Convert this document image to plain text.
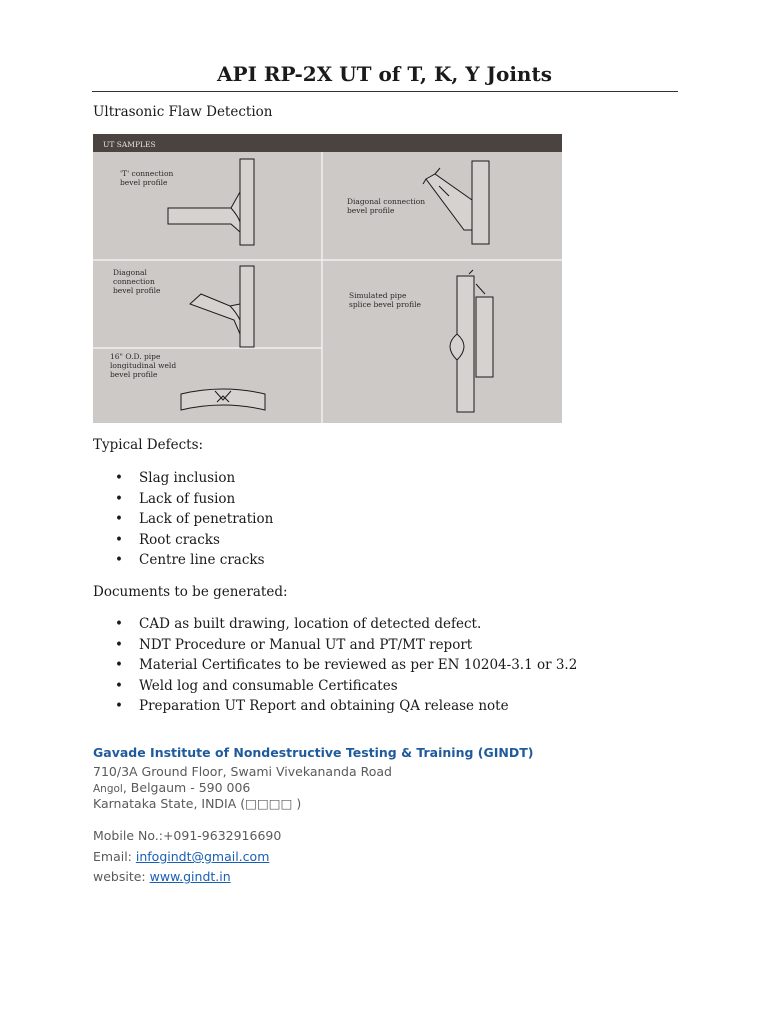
API RP-2X UT of T, K, Y Joints

Ultrasonic Flaw Detection

UT SAMPLES
'T' connection
bevel profile
Diagonal connection
bevel profile
Diagonal
connection
bevel profile
Simulated pipe
splice bevel profile
16" O.D. pipe
longitudinal weld
bevel profile

Typical Defects:

• Slag inclusion
• Lack of fusion
• Lack of penetration
• Root cracks
• Centre line cracks

Documents to be generated:

• CAD as built drawing, location of detected defect.
• NDT Procedure or Manual UT and PT/MT report
• Material Certificates to be reviewed as per EN 10204-3.1 or 3.2
• Weld log and consumable Certificates
• Preparation UT Report and obtaining QA release note
Gavade Institute of Nondestructive Testing & Training (GINDT)
710/3A Ground Floor, Swami Vivekananda Road
Angol, Belgaum - 590 006
Karnataka State, INDIA (□□□□ )
Mobile No.:+091-9632916690
Email: infogindt@gmail.com
website: www.gindt.in
